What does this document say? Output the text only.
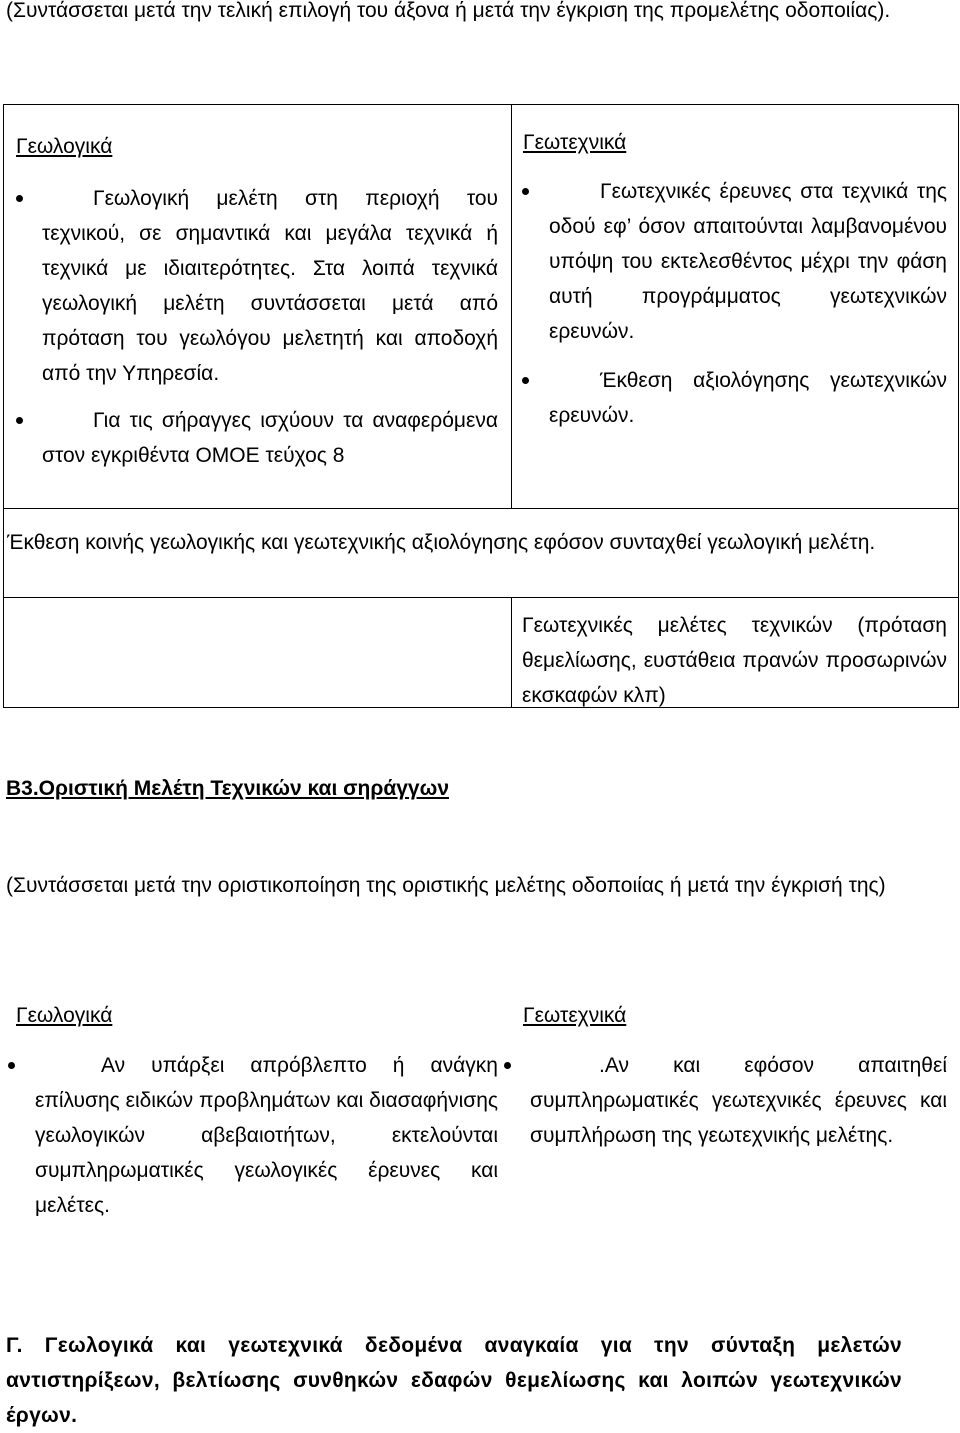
(Συντάσσεται μετά την τελική επιλογή του άξονα ή μετά την έγκριση της προμελέτης οδοποιίας).
Γεωλογικά
Γεωλογική μελέτη στη περιοχή του τεχνικού, σε σημαντικά και μεγάλα τεχνικά ή τεχνικά με ιδιαιτερότητες. Στα λοιπά τεχνικά γεωλογική μελέτη συντάσσεται μετά από πρόταση του γεωλόγου μελετητή και αποδοχή από την Υπηρεσία.
Για τις σήραγγες ισχύουν τα αναφερόμενα στον εγκριθέντα ΟΜΟΕ τεύχος 8
Γεωτεχνικά
Γεωτεχνικές έρευνες στα τεχνικά της οδού εφ’ όσον απαιτούνται λαμβανομένου υπόψη του εκτελεσθέντος μέχρι την φάση αυτή προγράμματος γεωτεχνικών ερευνών.
Έκθεση αξιολόγησης γεωτεχνικών ερευνών.
Έκθεση κοινής γεωλογικής και γεωτεχνικής αξιολόγησης εφόσον συνταχθεί γεωλογική μελέτη.
Γεωτεχνικές μελέτες τεχνικών (πρόταση θεμελίωσης, ευστάθεια πρανών προσωρινών εκσκαφών κλπ)
Β3.Οριστική Μελέτη Τεχνικών και σηράγγων
(Συντάσσεται μετά την οριστικοποίηση της οριστικής μελέτης οδοποιίας ή μετά την έγκρισή της)
Γεωλογικά
Αν υπάρξει απρόβλεπτο ή ανάγκη επίλυσης ειδικών προβλημάτων και διασαφήνισης γεωλογικών αβεβαιοτήτων, εκτελούνται συμπληρωματικές γεωλογικές έρευνες και μελέτες.
Γεωτεχνικά
.Αν και εφόσον απαιτηθεί συμπληρωματικές γεωτεχνικές έρευνες και συμπλήρωση της γεωτεχνικής μελέτης.
Γ. Γεωλογικά και γεωτεχνικά δεδομένα αναγκαία για την σύνταξη μελετών αντιστηρίξεων, βελτίωσης συνθηκών εδαφών θεμελίωσης και λοιπών γεωτεχνικών έργων.
